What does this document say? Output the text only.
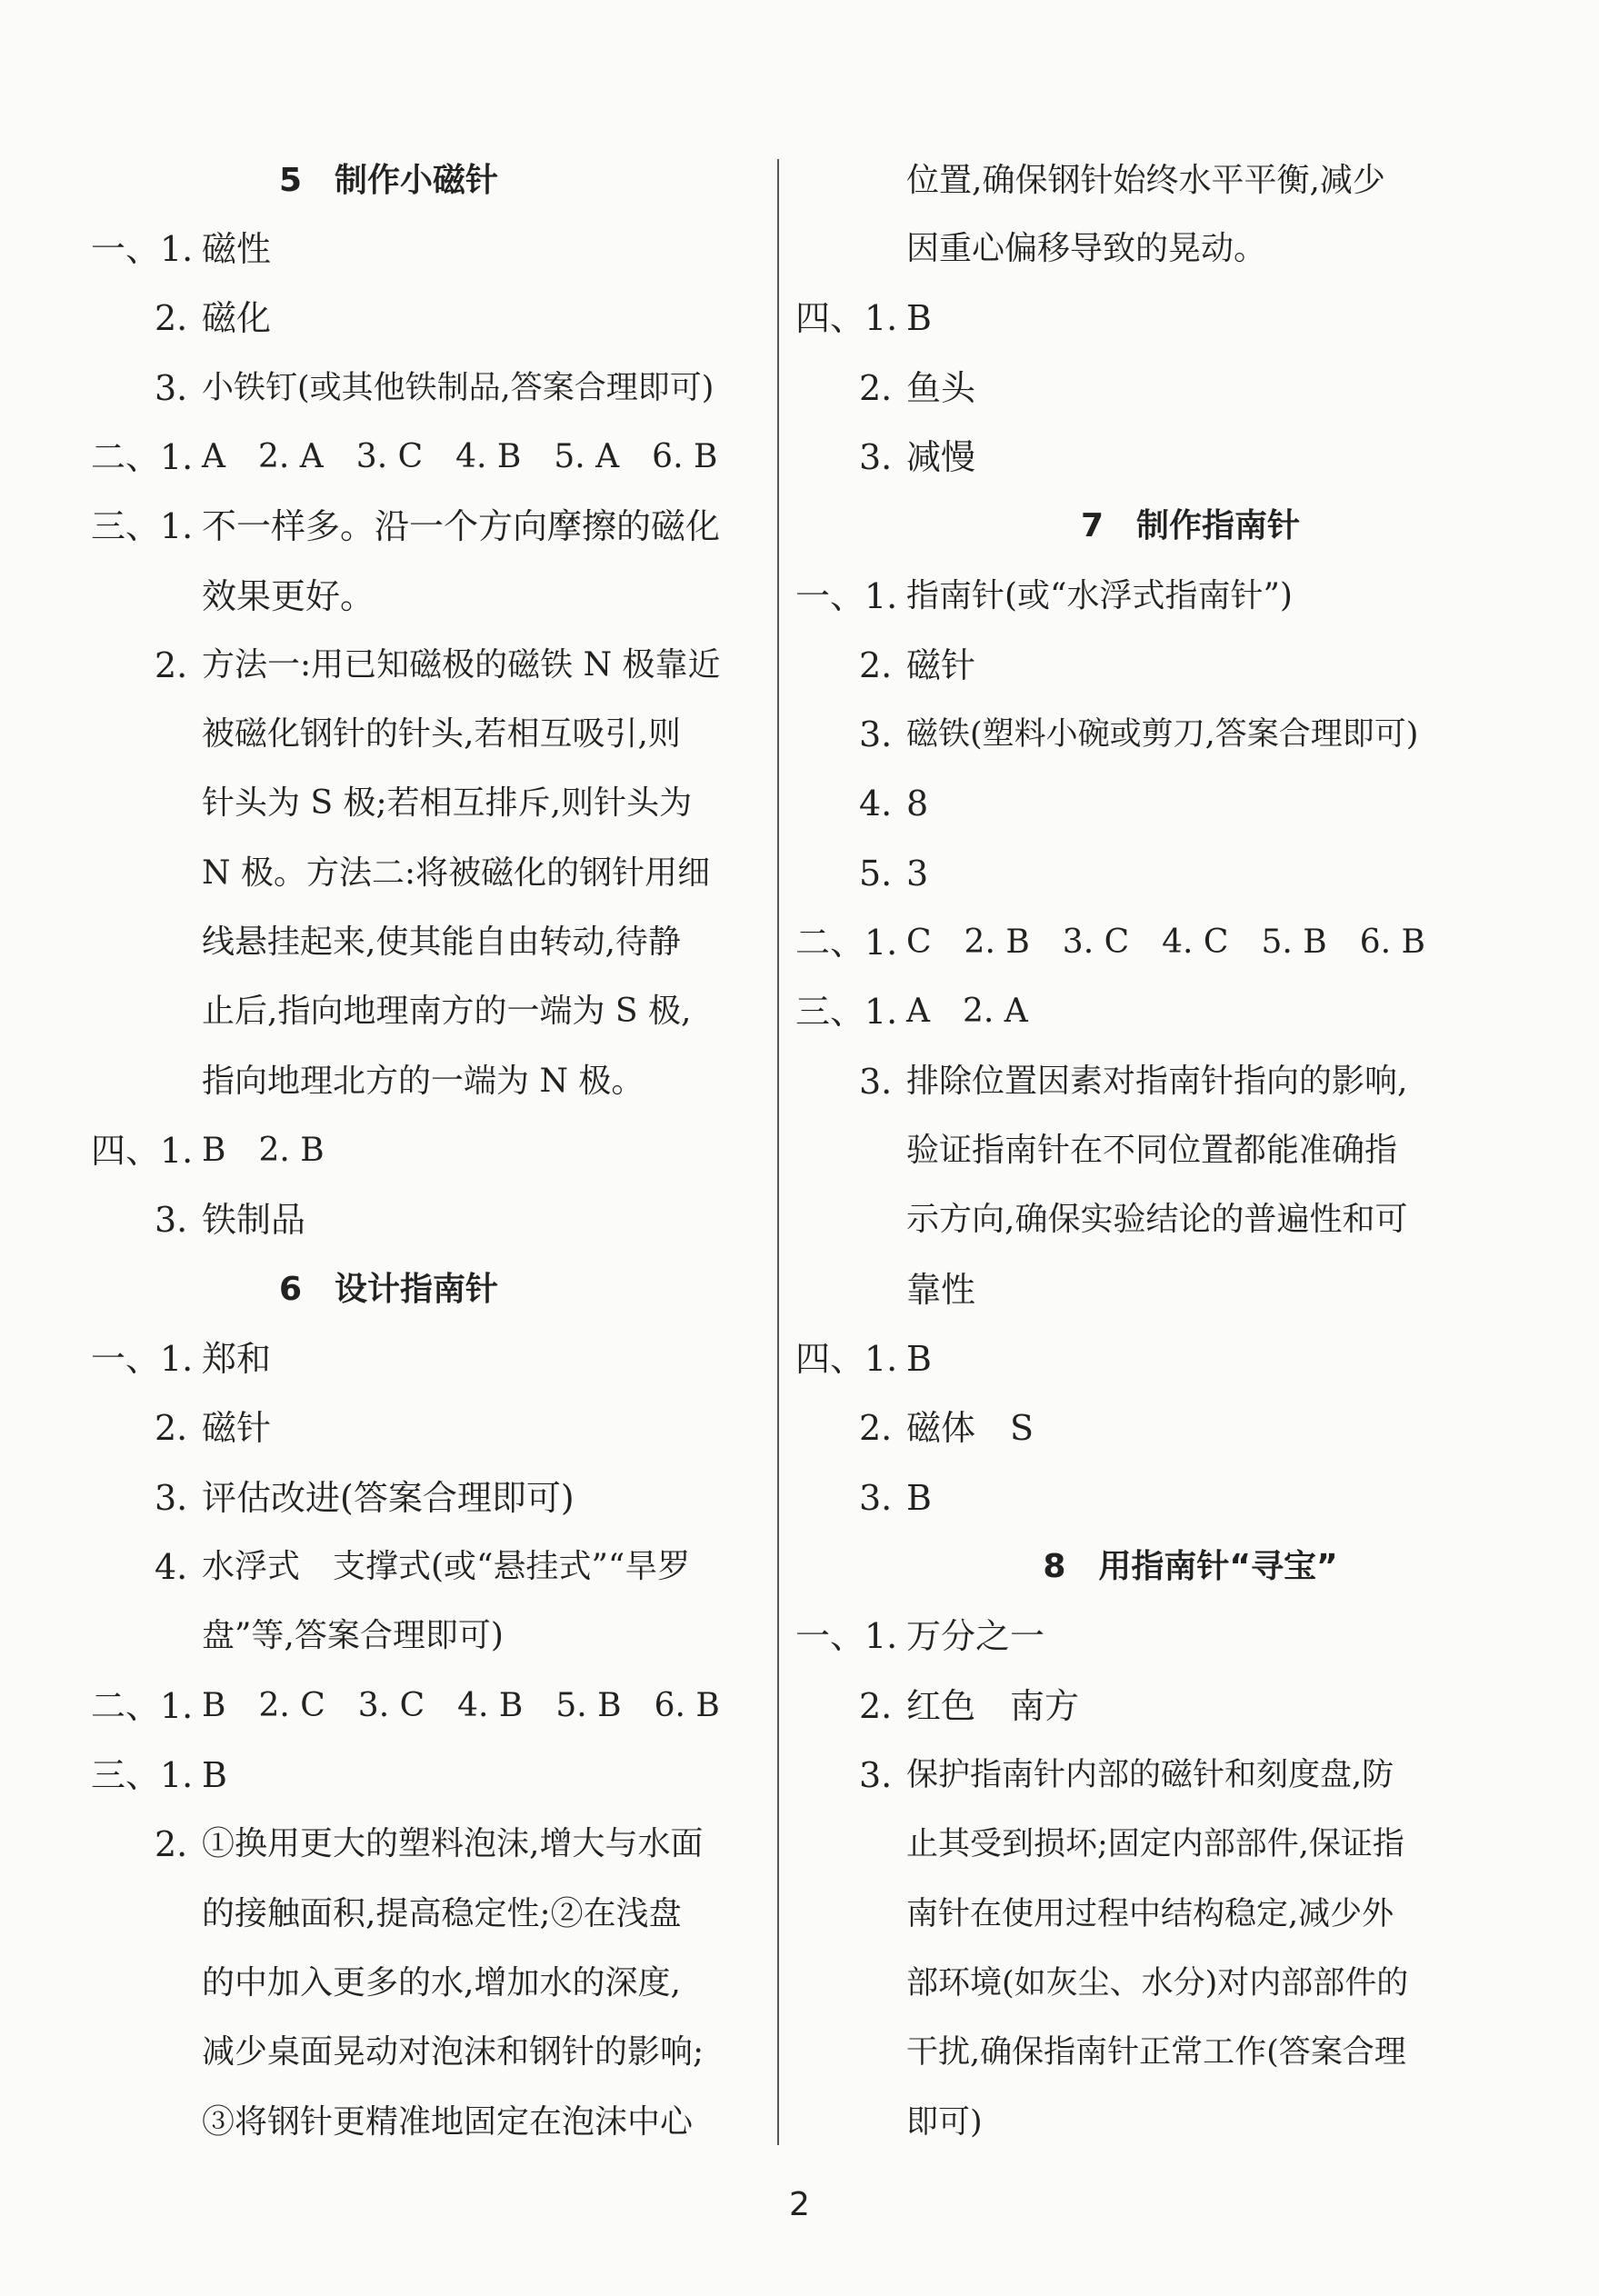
5　制作小磁针
一、1. 磁性
2. 磁化
3. 小铁钉(或其他铁制品,答案合理即可)
二、1. A　2. A　3. C　4. B　5. A　6. B
三、1. 不一样多。沿一个方向摩擦的磁化
效果更好。
2. 方法一:用已知磁极的磁铁 N 极靠近
被磁化钢针的针头,若相互吸引,则
针头为 S 极;若相互排斥,则针头为
N 极。方法二:将被磁化的钢针用细
线悬挂起来,使其能自由转动,待静
止后,指向地理南方的一端为 S 极,
指向地理北方的一端为 N 极。
四、1. B　2. B
3. 铁制品
6　设计指南针
一、1. 郑和
2. 磁针
3. 评估改进(答案合理即可)
4. 水浮式　支撑式(或“悬挂式”“旱罗
盘”等,答案合理即可)
二、1. B　2. C　3. C　4. B　5. B　6. B
三、1. B
2. ①换用更大的塑料泡沫,增大与水面
的接触面积,提高稳定性;②在浅盘
的中加入更多的水,增加水的深度,
减少桌面晃动对泡沫和钢针的影响;
③将钢针更精准地固定在泡沫中心
位置,确保钢针始终水平平衡,减少
因重心偏移导致的晃动。
四、1. B
2. 鱼头
3. 减慢
7　制作指南针
一、1. 指南针(或“水浮式指南针”)
2. 磁针
3. 磁铁(塑料小碗或剪刀,答案合理即可)
4. 8
5. 3
二、1. C　2. B　3. C　4. C　5. B　6. B
三、1. A　2. A
3. 排除位置因素对指南针指向的影响,
验证指南针在不同位置都能准确指
示方向,确保实验结论的普遍性和可
靠性
四、1. B
2. 磁体　S
3. B
8　用指南针“寻宝”
一、1. 万分之一
2. 红色　南方
3. 保护指南针内部的磁针和刻度盘,防
止其受到损坏;固定内部部件,保证指
南针在使用过程中结构稳定,减少外
部环境(如灰尘、水分)对内部部件的
干扰,确保指南针正常工作(答案合理
即可)
2
